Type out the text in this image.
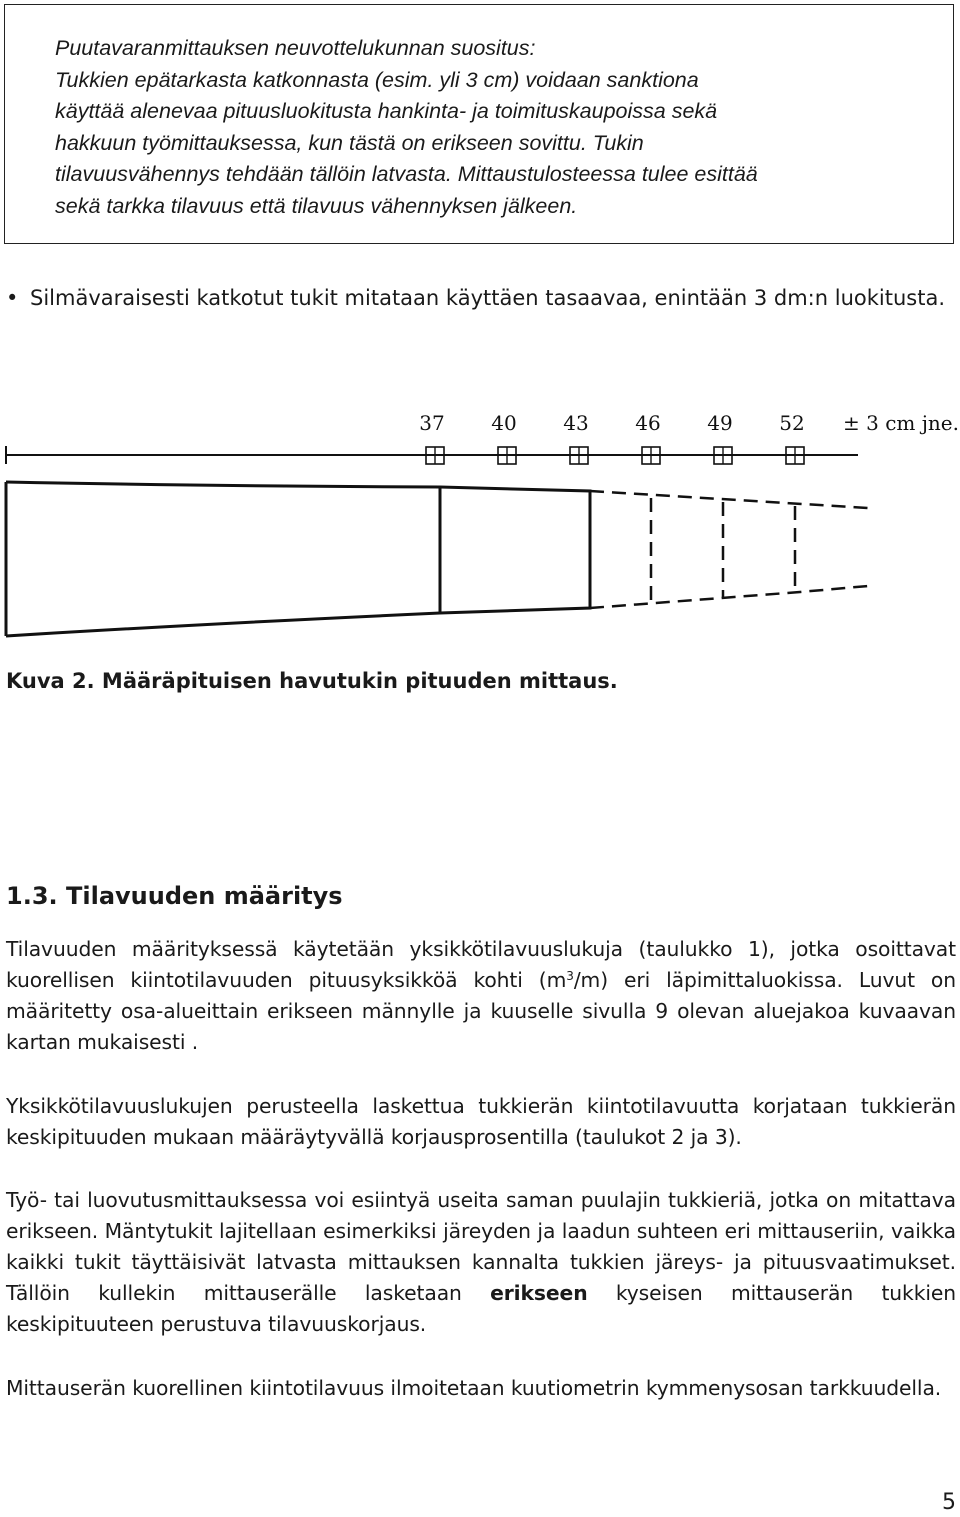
Puutavaranmittauksen neuvottelukunnan suositus:
Tukkien epätarkasta katkonnasta (esim. yli 3 cm) voidaan sanktiona
käyttää alenevaa pituusluokitusta hankinta- ja toimituskaupoissa sekä
hakkuun työmittauksessa, kun tästä on erikseen sovittu. Tukin
tilavuusvähennys tehdään tällöin latvasta. Mittaustulosteessa tulee esittää
sekä tarkka tilavuus että tilavuus vähennyksen jälkeen.
• Silmävaraisesti katkotut tukit mitataan käyttäen tasaavaa, enintään 3 dm:n luokitusta.
37 40 43 46 49 52 ± 3 cm jne.
Kuva 2. Määräpituisen havutukin pituuden mittaus.
1.3. Tilavuuden määritys
Tilavuuden määrityksessä käytetään yksikkötilavuuslukuja (taulukko 1), jotka osoittavat kuorellisen kiintotilavuuden pituusyksikköä kohti $(m^3/m)$ eri läpimittaluokissa. Luvut on määritetty osa-alueittain erikseen männylle ja kuuselle sivulla 9 olevan aluejakoa kuvaavan kartan mukaisesti .
Yksikkötilavuuslukujen perusteella laskettua tukkierän kiintotilavuutta korjataan tukkierän keskipituuden mukaan määräytyvällä korjausprosentilla (taulukot 2 ja 3).
Työ- tai luovutusmittauksessa voi esiintyä useita saman puulajin tukkieriä, jotka on mitattava erikseen. Mäntytukit lajitellaan esimerkiksi järeyden ja laadun suhteen eri mittauseriin, vaikka kaikki tukit täyttäisivät latvasta mittauksen kannalta tukkien järeys- ja pituusvaatimukset. Tällöin kullekin mittauserälle lasketaan erikseen kyseisen mittauserän tukkien keskipituuteen perustuva tilavuuskorjaus.
Mittauserän kuorellinen kiintotilavuus ilmoitetaan kuutiometrin kymmenysosan tarkkuudella.
5
